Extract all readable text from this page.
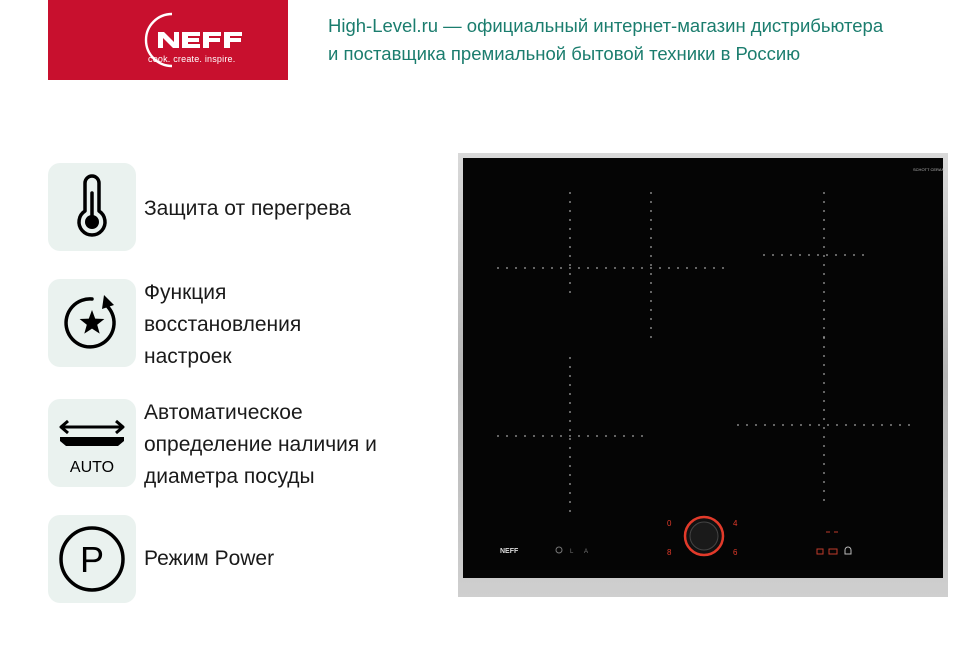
cook. create. inspire.
High-Level.ru — официальный интернет-магазин дистрибьютера
и поставщика премиальной бытовой техники в Россию
Защита от перегрева
Функция
восстановления
настроек
AUTO
Автоматическое
определение наличия и
диаметра посуды
P Режим Power
SCHOTT CERAN
NEFF	L A
0	4
8	6
